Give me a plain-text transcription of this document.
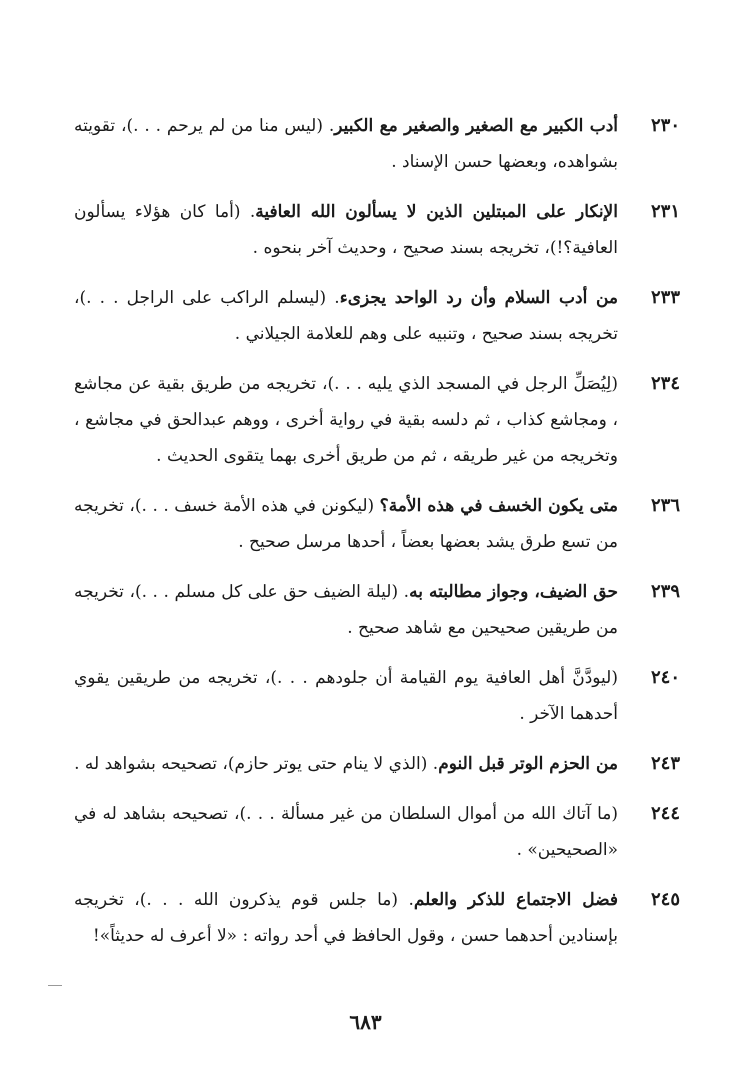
٢٣٠
أدب الكبير مع الصغير والصغير مع الكبير. (ليس منا من لم يرحم . . .)، تقويته بشواهده، وبعضها حسن الإسناد .
٢٣١
الإنكار على المبتلين الذين لا يسألون الله العافية. (أما كان هؤلاء يسألون العافية؟!)، تخريجه بسند صحيح ، وحديث آخر بنحوه .
٢٣٣
من أدب السلام وأن رد الواحد يجزىء. (ليسلم الراكب على الراجل . . .)، تخريجه بسند صحيح ، وتنبيه على وهم للعلامة الجيلاني .
٢٣٤
(لِيُصَلِّ الرجل في المسجد الذي يليه . . .)، تخريجه من طريق بقية عن مجاشع ، ومجاشع كذاب ، ثم دلسه بقية في رواية أخرى ، ووهم عبدالحق في مجاشع ، وتخريجه من غير طريقه ، ثم من طريق أخرى بهما يتقوى الحديث .
٢٣٦
متى يكون الخسف في هذه الأمة؟ (ليكونن في هذه الأمة خسف . . .)، تخريجه من تسع طرق يشد بعضها بعضاً ، أحدها مرسل صحيح .
٢٣٩
حق الضيف، وجواز مطالبته به. (ليلة الضيف حق على كل مسلم . . .)، تخريجه من طريقين صحيحين مع شاهد صحيح .
٢٤٠
(ليودَّنَّ أهل العافية يوم القيامة أن جلودهم . . .)، تخريجه من طريقين يقوي أحدهما الآخر .
٢٤٣
من الحزم الوتر قبل النوم. (الذي لا ينام حتى يوتر حازم)، تصحيحه بشواهد له .
٢٤٤
(ما آتاك الله من أموال السلطان من غير مسألة . . .)، تصحيحه بشاهد له في «الصحيحين» .
٢٤٥
فضل الاجتماع للذكر والعلم. (ما جلس قوم يذكرون الله . . .)، تخريجه بإسنادين أحدهما حسن ، وقول الحافظ في أحد رواته : «لا أعرف له حديثاً»!
٦٨٣
